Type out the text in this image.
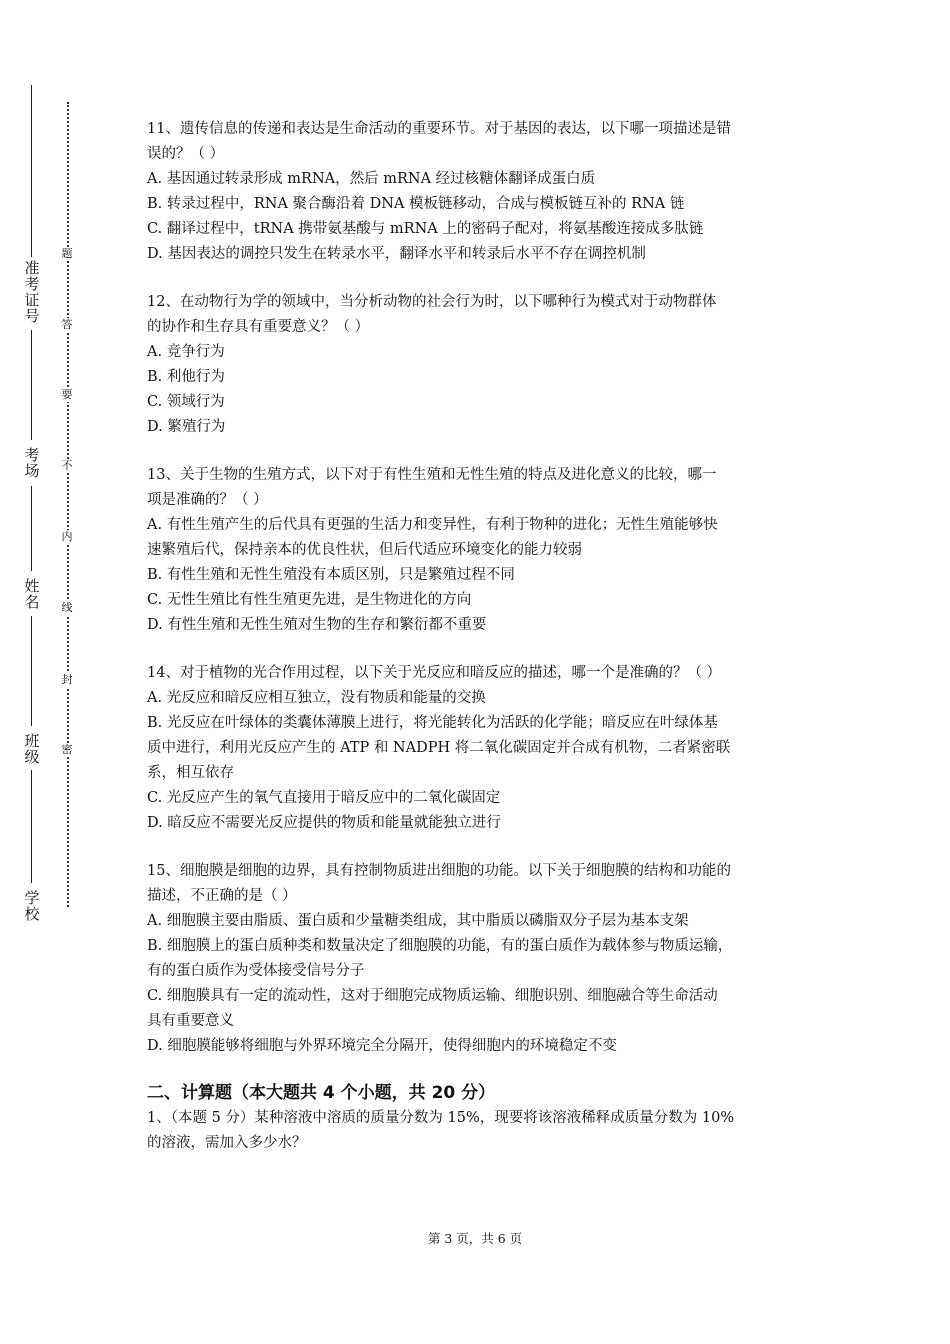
准
考
证
号
考
场
姓
名
班
级
学
校
题
答
要
不
内
线
封
密
11、遗传信息的传递和表达是生命活动的重要环节。对于基因的表达，以下哪一项描述是错
误的？（ ）
A. 基因通过转录形成 mRNA，然后 mRNA 经过核糖体翻译成蛋白质
B. 转录过程中，RNA 聚合酶沿着 DNA 模板链移动，合成与模板链互补的 RNA 链
C. 翻译过程中，tRNA 携带氨基酸与 mRNA 上的密码子配对，将氨基酸连接成多肽链
D. 基因表达的调控只发生在转录水平，翻译水平和转录后水平不存在调控机制
12、在动物行为学的领域中，当分析动物的社会行为时，以下哪种行为模式对于动物群体
的协作和生存具有重要意义？（ ）
A. 竞争行为
B. 利他行为
C. 领域行为
D. 繁殖行为
13、关于生物的生殖方式，以下对于有性生殖和无性生殖的特点及进化意义的比较，哪一
项是准确的？（ ）
A. 有性生殖产生的后代具有更强的生活力和变异性，有利于物种的进化；无性生殖能够快
速繁殖后代，保持亲本的优良性状，但后代适应环境变化的能力较弱
B. 有性生殖和无性生殖没有本质区别，只是繁殖过程不同
C. 无性生殖比有性生殖更先进，是生物进化的方向
D. 有性生殖和无性生殖对生物的生存和繁衍都不重要
14、对于植物的光合作用过程，以下关于光反应和暗反应的描述，哪一个是准确的？（ ）
A. 光反应和暗反应相互独立，没有物质和能量的交换
B. 光反应在叶绿体的类囊体薄膜上进行，将光能转化为活跃的化学能；暗反应在叶绿体基
质中进行，利用光反应产生的 ATP 和 NADPH 将二氧化碳固定并合成有机物，二者紧密联
系，相互依存
C. 光反应产生的氧气直接用于暗反应中的二氧化碳固定
D. 暗反应不需要光反应提供的物质和能量就能独立进行
15、细胞膜是细胞的边界，具有控制物质进出细胞的功能。以下关于细胞膜的结构和功能的
描述，不正确的是（ ）
A. 细胞膜主要由脂质、蛋白质和少量糖类组成，其中脂质以磷脂双分子层为基本支架
B. 细胞膜上的蛋白质种类和数量决定了细胞膜的功能，有的蛋白质作为载体参与物质运输，
有的蛋白质作为受体接受信号分子
C. 细胞膜具有一定的流动性，这对于细胞完成物质运输、细胞识别、细胞融合等生命活动
具有重要意义
D. 细胞膜能够将细胞与外界环境完全分隔开，使得细胞内的环境稳定不变
二、计算题（本大题共 4 个小题，共 20 分）
1、（本题 5 分）某种溶液中溶质的质量分数为 15%，现要将该溶液稀释成质量分数为 10%
的溶液，需加入多少水？
第 3 页，共 6 页
